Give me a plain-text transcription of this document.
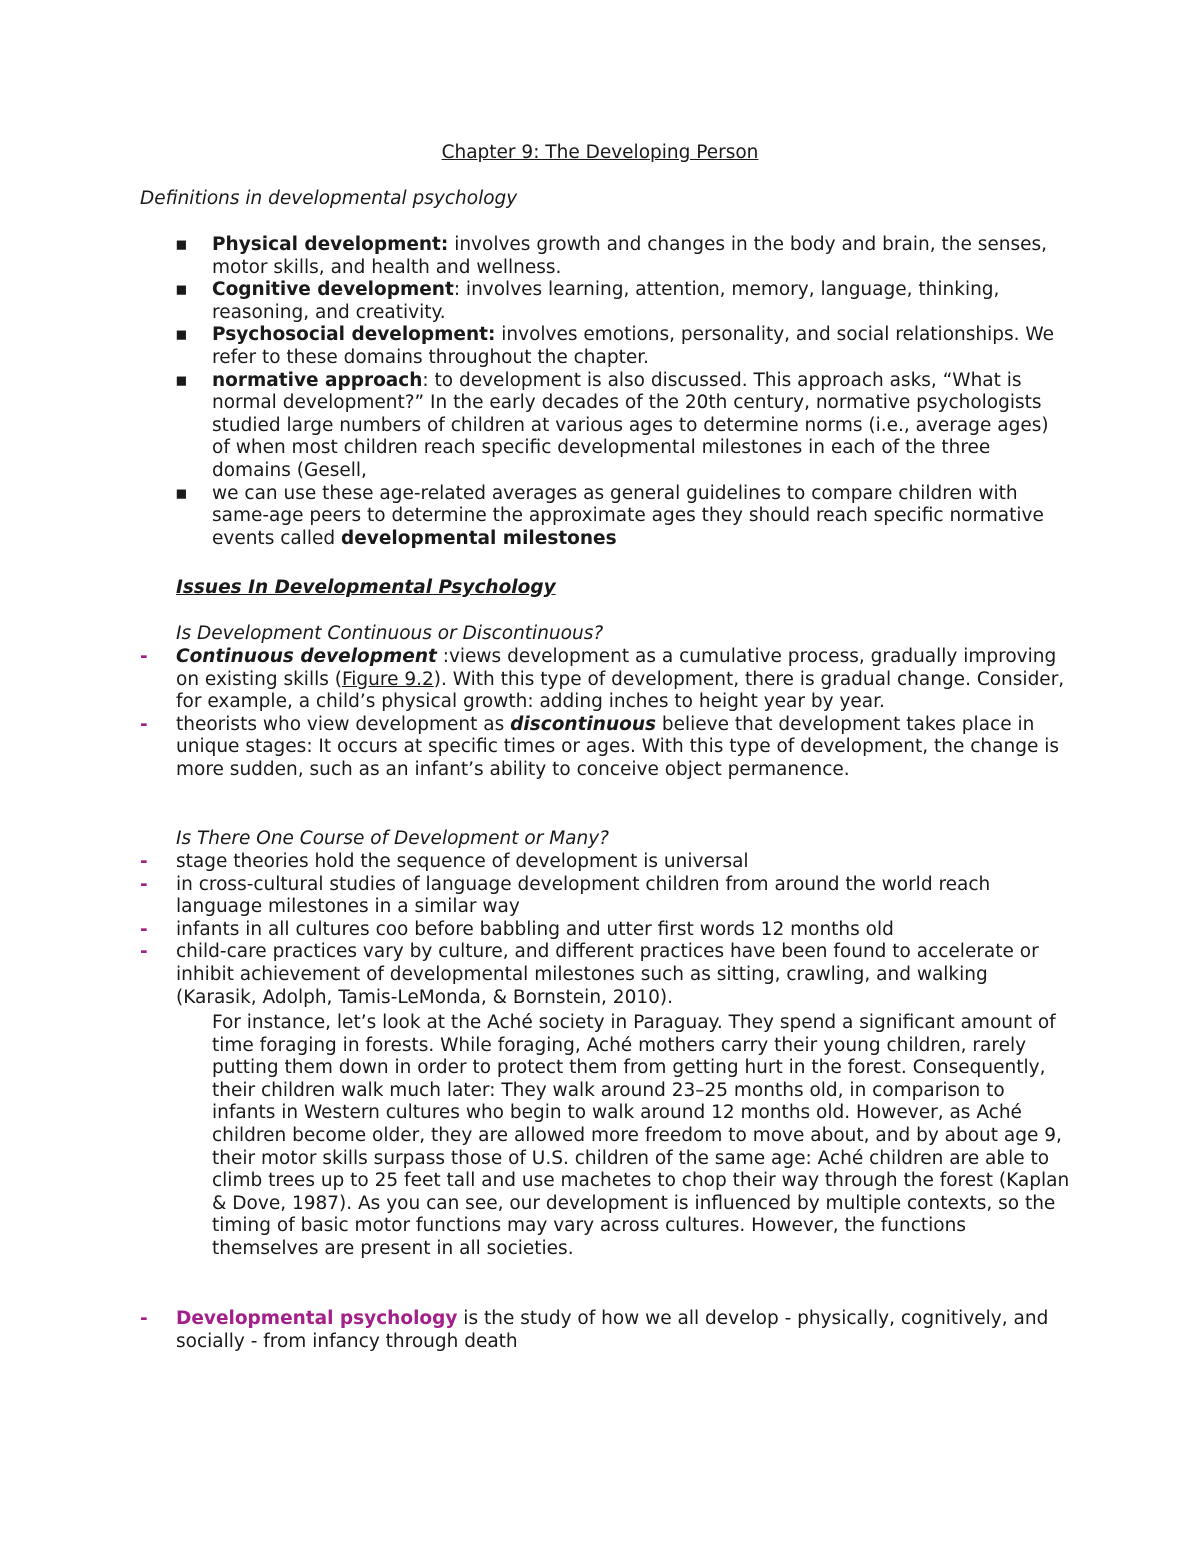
Chapter 9: The Developing Person
Definitions in developmental psychology
▪ Physical development: involves growth and changes in the body and brain, the senses, motor skills, and health and wellness.
▪ Cognitive development: involves learning, attention, memory, language, thinking, reasoning, and creativity.
▪ Psychosocial development: involves emotions, personality, and social relationships. We refer to these domains throughout the chapter.
▪ normative approach: to development is also discussed. This approach asks, “What is normal development?” In the early decades of the 20th century, normative psychologists studied large numbers of children at various ages to determine norms (i.e., average ages) of when most children reach specific developmental milestones in each of the three domains (Gesell,
▪ we can use these age-related averages as general guidelines to compare children with same-age peers to determine the approximate ages they should reach specific normative events called developmental milestones
Issues In Developmental Psychology
Is Development Continuous or Discontinuous?
- Continuous development :views development as a cumulative process, gradually improving on existing skills (Figure 9.2). With this type of development, there is gradual change. Consider, for example, a child’s physical growth: adding inches to height year by year.
- theorists who view development as discontinuous believe that development takes place in unique stages: It occurs at specific times or ages. With this type of development, the change is more sudden, such as an infant’s ability to conceive object permanence.
Is There One Course of Development or Many?
- stage theories hold the sequence of development is universal
- in cross-cultural studies of language development children from around the world reach language milestones in a similar way
- infants in all cultures coo before babbling and utter first words 12 months old
- child-care practices vary by culture, and different practices have been found to accelerate or inhibit achievement of developmental milestones such as sitting, crawling, and walking (Karasik, Adolph, Tamis-LeMonda, & Bornstein, 2010).
For instance, let’s look at the Aché society in Paraguay. They spend a significant amount of time foraging in forests. While foraging, Aché mothers carry their young children, rarely putting them down in order to protect them from getting hurt in the forest. Consequently, their children walk much later: They walk around 23–25 months old, in comparison to infants in Western cultures who begin to walk around 12 months old. However, as Aché children become older, they are allowed more freedom to move about, and by about age 9, their motor skills surpass those of U.S. children of the same age: Aché children are able to climb trees up to 25 feet tall and use machetes to chop their way through the forest (Kaplan & Dove, 1987). As you can see, our development is influenced by multiple contexts, so the timing of basic motor functions may vary across cultures. However, the functions themselves are present in all societies.
- Developmental psychology is the study of how we all develop - physically, cognitively, and socially - from infancy through death
